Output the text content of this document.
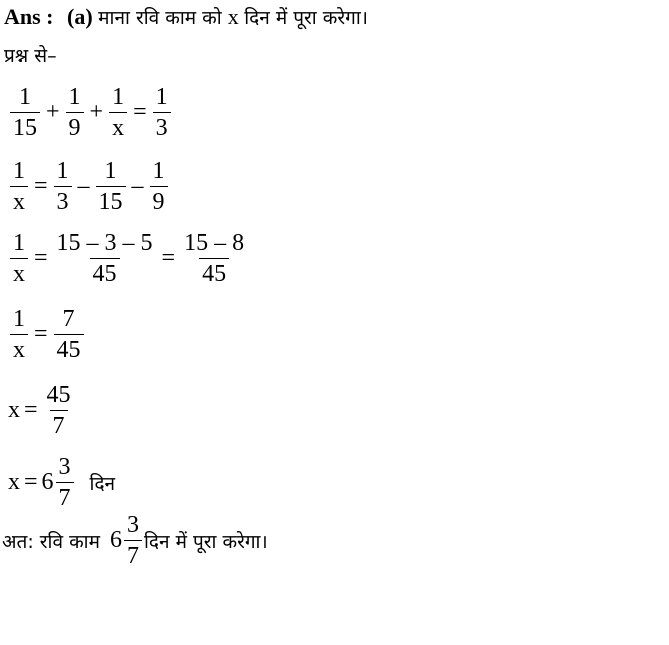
Ans : (a) माना रवि काम को x दिन में पूरा करेगा।
प्रश्न से–
$\frac{1}{15} + \frac{1}{9} + \frac{1}{x} = \frac{1}{3}$
$\frac{1}{x} = \frac{1}{3} - \frac{1}{15} - \frac{1}{9}$
$\frac{1}{x} = \frac{15 - 3 - 5}{45} = \frac{15 - 8}{45}$
$\frac{1}{x} = \frac{7}{45}$
$x = \frac{45}{7}$
$x = 6 \frac{3}{7}$ दिन
अत: रवि काम $6 \frac{3}{7}$ दिन में पूरा करेगा।
